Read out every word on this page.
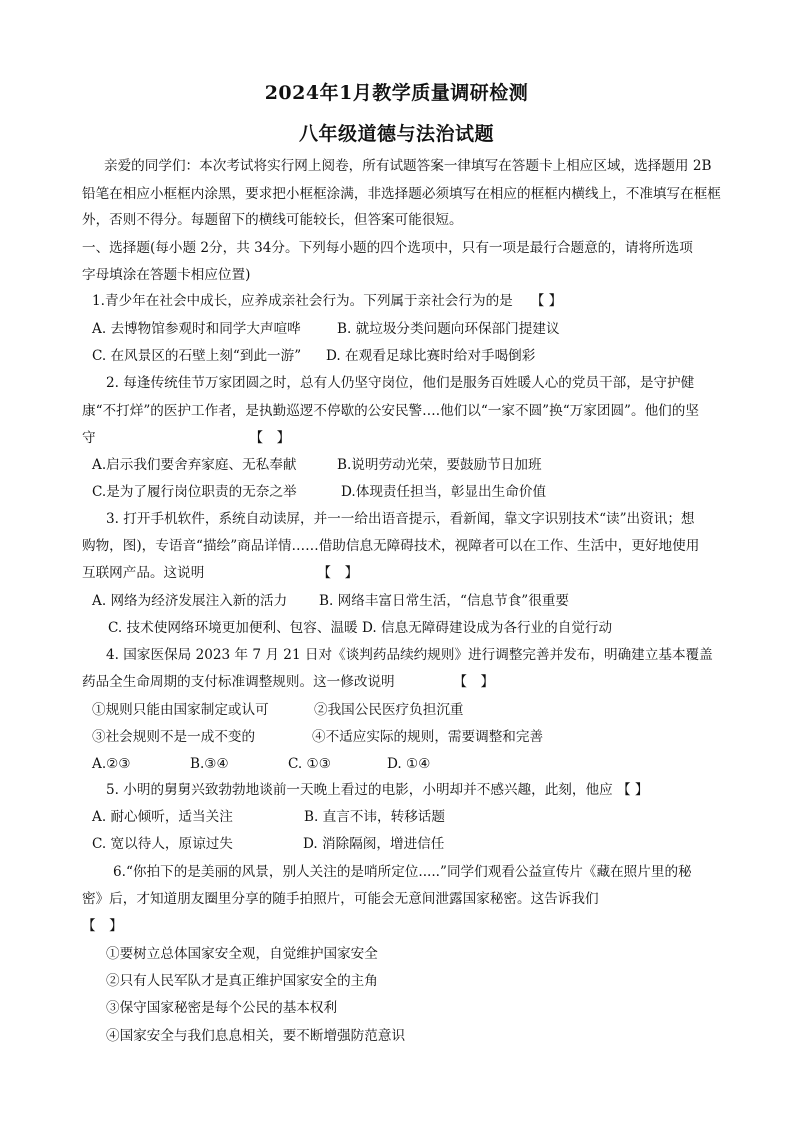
2024年1月教学质量调研检测
八年级道德与法治试题
亲爱的同学们：本次考试将实行网上阅卷，所有试题答案一律填写在答题卡上相应区域，选择题用 2B
铅笔在相应小框框内涂黑，要求把小框框涂满，非选择题必须填写在相应的框框内横线上，不准填写在框框
外，否则不得分。每题留下的横线可能较长，但答案可能很短。
一、选择题(每小题 2分，共 34分。下列每小题的四个选项中，只有一项是最行合题意的，请将所选项
字母填涂在答题卡相应位置)
1.青少年在社会中成长，应养成亲社会行为。下列属于亲社会行为的是　 【 】
A. 去博物馆参观时和同学大声喧哗	B. 就垃圾分类问题向环保部门提建议
C. 在风景区的石壁上刻“到此一游” D. 在观看足球比赛时给对手喝倒彩
2. 每逢传统佳节万家团圆之时，总有人仍坚守岗位，他们是服务百姓暖人心的党员干部，是守护健
康“不打烊”的医护工作者，是执勤巡逻不停歇的公安民警….他们以“一家不圆”换“万家团圆”。他们的坚
守　　　　　　　　　　　 【　】
A.启示我们要舍弃家庭、无私奉献	B.说明劳动光荣，要鼓励节日加班
C.是为了履行岗位职责的无奈之举	D.体现责任担当，彰显出生命价值
3. 打开手机软件，系统自动读屏，并一一给出语音提示，看新闻，靠文字识别技术“读”出资讯；想
购物，图)，专语音“描绘”商品详情……借助信息无障碍技术，视障者可以在工作、生活中，更好地使用
互联网产品。这说明　　　　　　　　 【　】
A. 网络为经济发展注入新的活力 B. 网络丰富日常生活，“信息节食”很重要
C. 技术使网络环境更加便利、包容、温暖 D. 信息无障碍建设成为各行业的自觉行动
4. 国家医保局 2023 年 7 月 21 日对《谈判药品续约规则》进行调整完善并发布，明确建立基本覆盖
药品全生命周期的支付标准调整规则。这一修改说明　　　　 【　】
①规则只能由国家制定或认可	②我国公民医疗负担沉重
③社会规则不是一成不变的	④不适应实际的规则，需要调整和完善
A.②③	B.③④	C. ①③	D. ①④
5. 小明的舅舅兴致勃勃地谈前一天晚上看过的电影，小明却并不感兴趣，此刻，他应 【 】
A. 耐心倾听，适当关注	B. 直言不讳，转移话题
C. 宽以待人，原谅过失	D. 消除隔阂，增进信任
6.“你拍下的是美丽的风景，别人关注的是哨所定位.....”同学们观看公益宣传片《藏在照片里的秘
密》后，才知道朋友圈里分享的随手拍照片，可能会无意间泄露国家秘密。这告诉我们
【　】
①要树立总体国家安全观，自觉维护国家安全
②只有人民军队才是真正维护国家安全的主角
③保守国家秘密是每个公民的基本权利
④国家安全与我们息息相关，要不断增强防范意识
